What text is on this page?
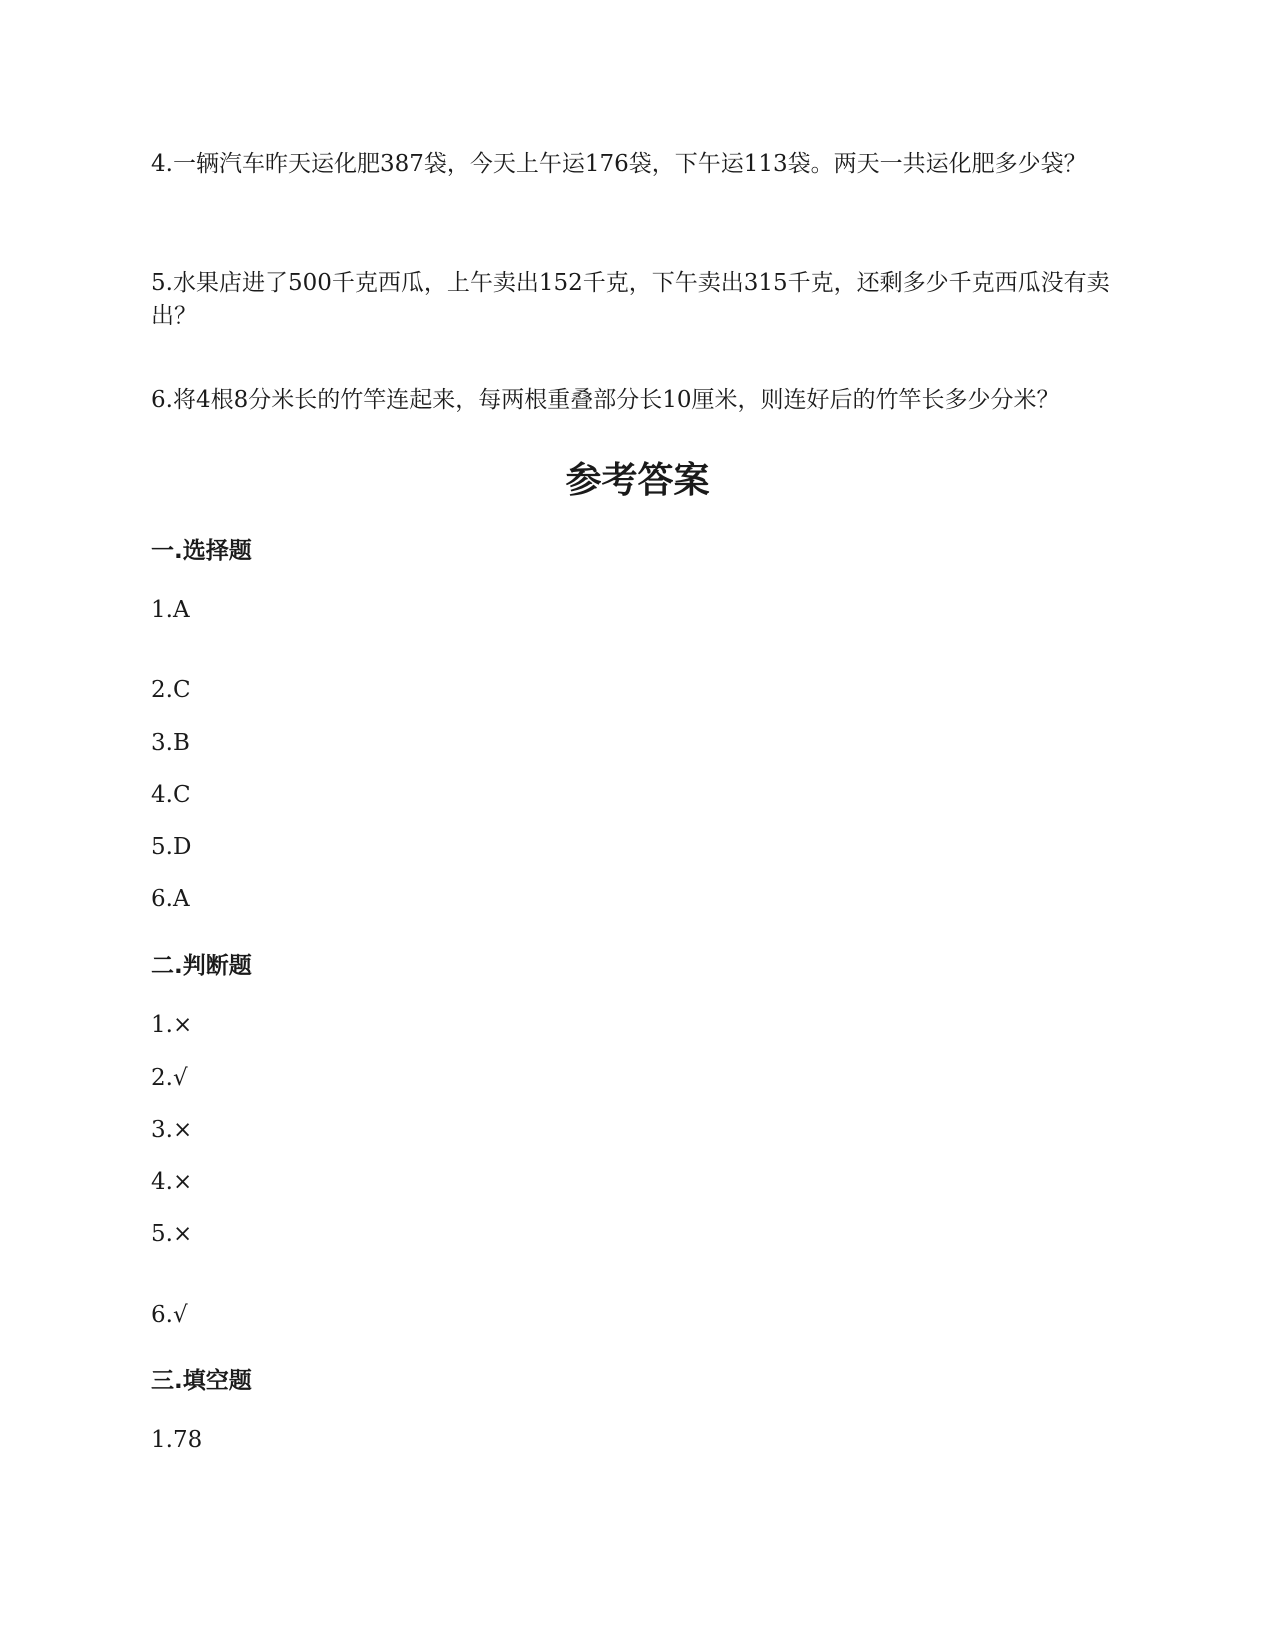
4.一辆汽车昨天运化肥387袋，今天上午运176袋，下午运113袋。两天一共运化肥多少袋？

5.水果店进了500千克西瓜，上午卖出152千克，下午卖出315千克，还剩多少千克西瓜没有卖出？

6.将4根8分米长的竹竿连起来，每两根重叠部分长10厘米，则连好后的竹竿长多少分米？

参考答案
一.选择题

1.A

2.C

3.B

4.C

5.D

6.A

二.判断题

1.×

2.√

3.×

4.×

5.×

6.√

三.填空题

1.78
